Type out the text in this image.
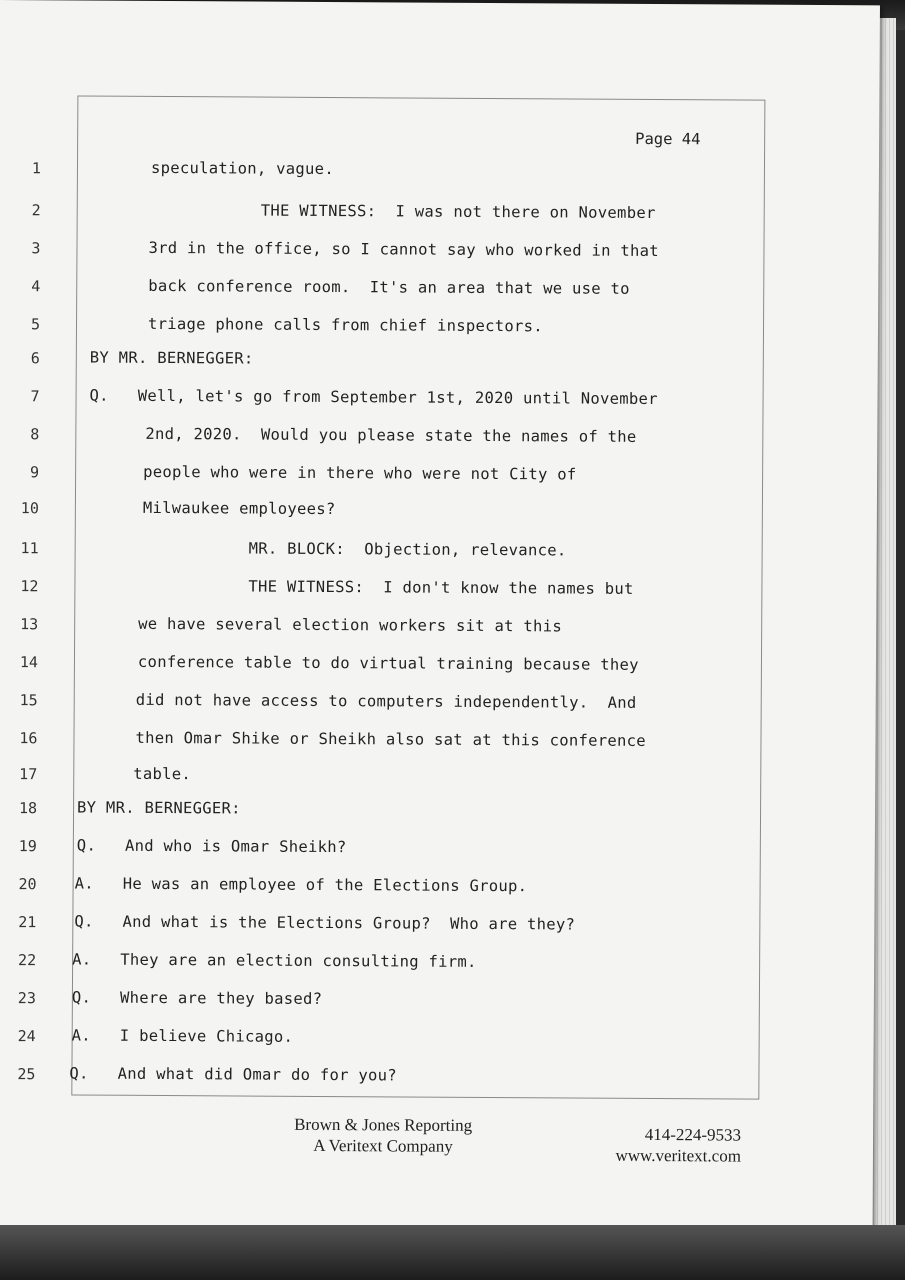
Page 44
1	speculation, vague.
2	THE WITNESS:  I was not there on November
3	3rd in the office, so I cannot say who worked in that
4	back conference room.  It's an area that we use to
5	triage phone calls from chief inspectors.
6	BY MR. BERNEGGER:
7	Q.   Well, let's go from September 1st, 2020 until November
8	2nd, 2020.  Would you please state the names of the
9	people who were in there who were not City of
10	Milwaukee employees?
11	MR. BLOCK:  Objection, relevance.
12	THE WITNESS:  I don't know the names but
13	we have several election workers sit at this
14	conference table to do virtual training because they
15	did not have access to computers independently.  And
16	then Omar Shike or Sheikh also sat at this conference
17	table.
18	BY MR. BERNEGGER:
19	Q.   And who is Omar Sheikh?
20 A.   He was an employee of the Elections Group.
21 Q.   And what is the Elections Group?  Who are they?
22 A.   They are an election consulting firm.
23 Q.   Where are they based?
24 A.   I believe Chicago.
25 Q.   And what did Omar do for you?
Brown & Jones Reporting
A Veritext Company
414-224-9533
www.veritext.com
